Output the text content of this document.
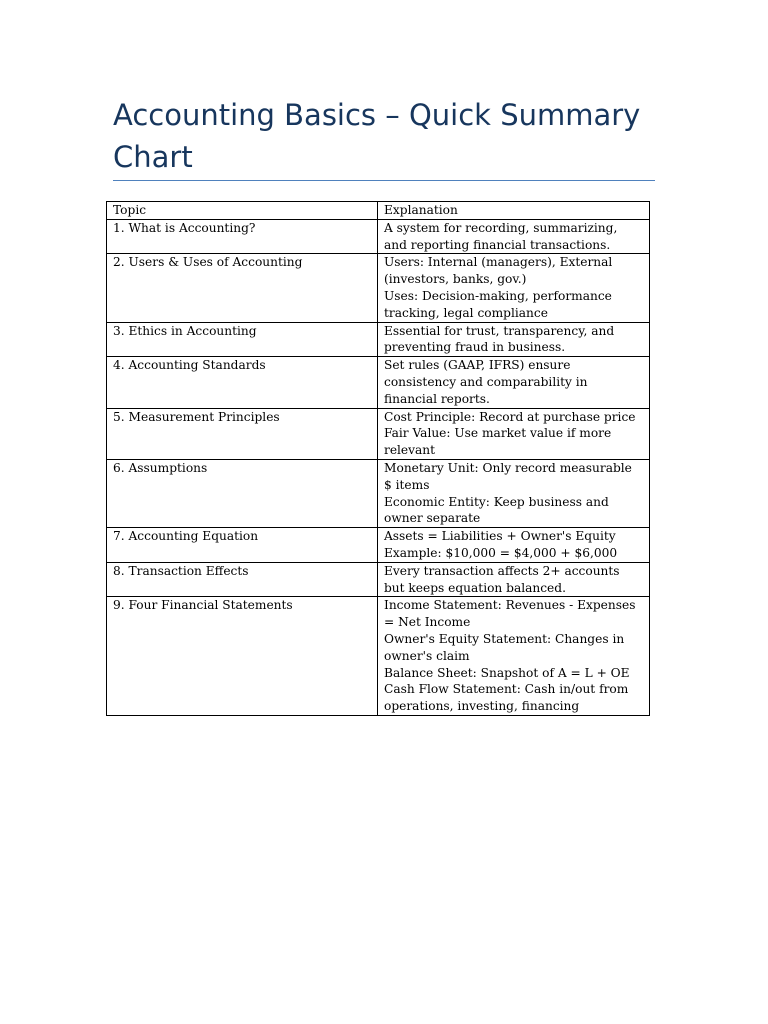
Accounting Basics – Quick Summary Chart
Topic	Explanation
1. What is Accounting?	A system for recording, summarizing, and reporting financial transactions.

2. Users & Uses of Accounting	Users: Internal (managers), External (investors, banks, gov.)
Uses: Decision-making, performance tracking, legal compliance

3. Ethics in Accounting	Essential for trust, transparency, and preventing fraud in business.

4. Accounting Standards	Set rules (GAAP, IFRS) ensure consistency and comparability in financial reports.

5. Measurement Principles	Cost Principle: Record at purchase price
Fair Value: Use market value if more relevant

6. Assumptions	Monetary Unit: Only record measurable $ items
Economic Entity: Keep business and owner separate

7. Accounting Equation	Assets = Liabilities + Owner's Equity
Example: $10,000 = $4,000 + $6,000

8. Transaction Effects	Every transaction affects 2+ accounts but keeps equation balanced.

9. Four Financial Statements	Income Statement: Revenues - Expenses = Net Income
Owner's Equity Statement: Changes in owner's claim
Balance Sheet: Snapshot of A = L + OE
Cash Flow Statement: Cash in/out from operations, investing, financing
